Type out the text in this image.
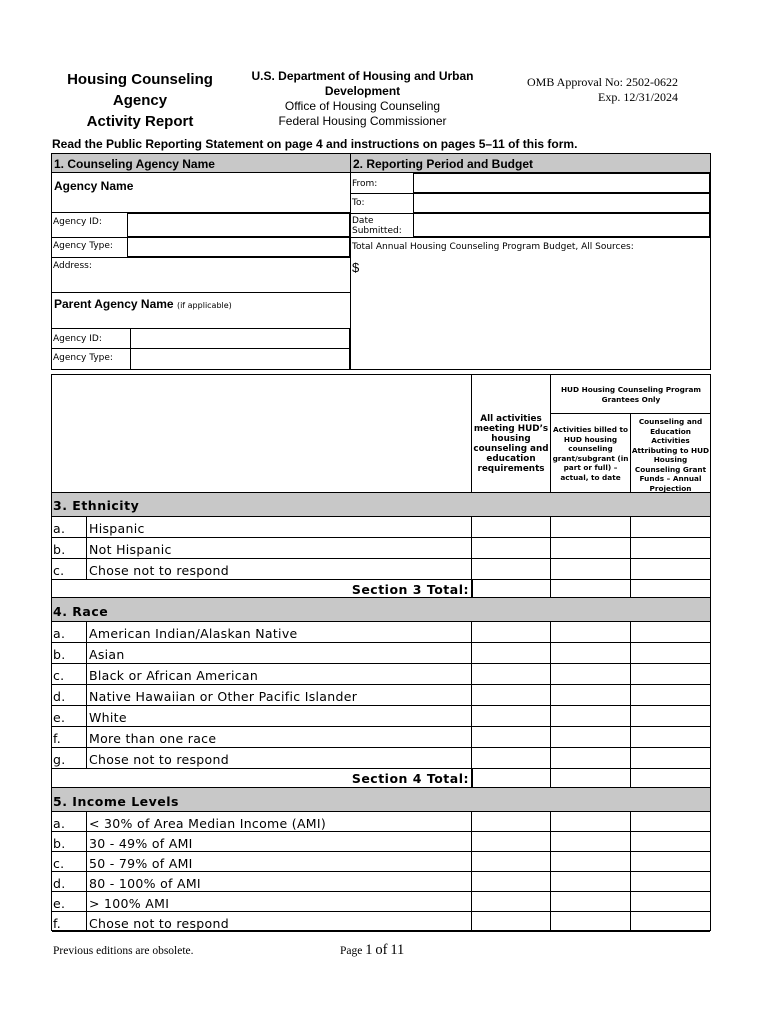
Housing Counseling
Agency
Activity Report
U.S. Department of Housing and Urban
Development
Office of Housing Counseling
Federal Housing Commissioner
OMB Approval No: 2502-0622
Exp. 12/31/2024
Read the Public Reporting Statement on page 4 and instructions on pages 5–11 of this form.
1. Counseling Agency Name	2. Reporting Period and Budget
Agency Name
Agency ID:
Agency Type:
Address:
Parent Agency Name (if applicable)
Agency ID:
Agency Type:
From:
To:
Date Submitted:
Total Annual Housing Counseling Program Budget, All Sources:
$
All activities meeting HUD’s housing counseling and education requirements
HUD Housing Counseling Program Grantees Only
Activities billed to HUD housing counseling grant/subgrant (in part or full) – actual, to date
Counseling and Education Activities Attributing to HUD Housing Counseling Grant Funds – Annual Projection
3. Ethnicity
a. Hispanic
b. Not Hispanic
c. Chose not to respond
Section 3 Total:
4. Race
a. American Indian/Alaskan Native
b. Asian
c. Black or African American
d. Native Hawaiian or Other Pacific Islander
e. White
f. More than one race
g. Chose not to respond
Section 4 Total:
5. Income Levels
a. < 30% of Area Median Income (AMI)
b. 30 - 49% of AMI
c. 50 - 79% of AMI
d. 80 - 100% of AMI
e. > 100% AMI
f. Chose not to respond
Previous editions are obsolete.	Page 1 of 11
